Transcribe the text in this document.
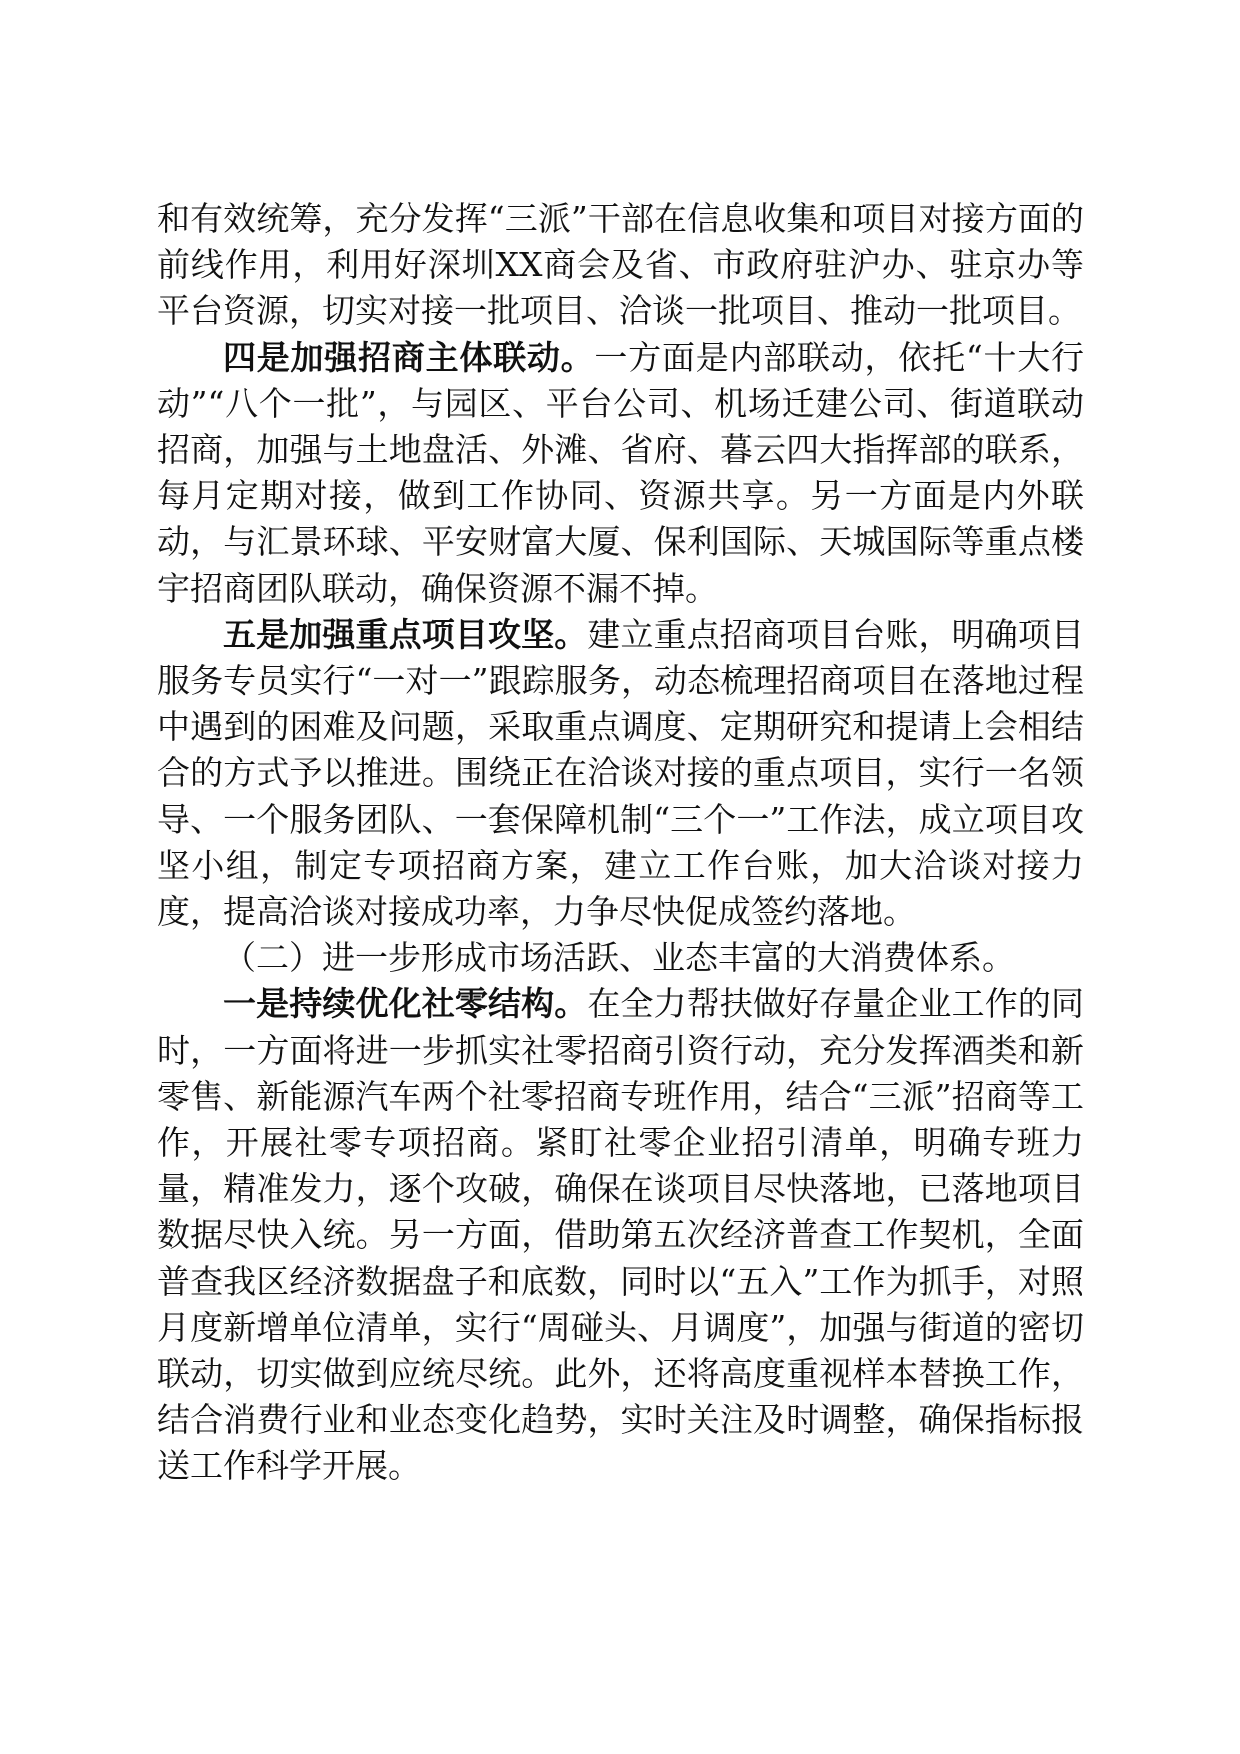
和有效统筹，充分发挥“三派”干部在信息收集和项目对接方面的前线作用，利用好深圳XX商会及省、市政府驻沪办、驻京办等平台资源，切实对接一批项目、洽谈一批项目、推动一批项目。

四是加强招商主体联动。一方面是内部联动，依托“十大行动”“八个一批”，与园区、平台公司、机场迁建公司、街道联动招商，加强与土地盘活、外滩、省府、暮云四大指挥部的联系，每月定期对接，做到工作协同、资源共享。另一方面是内外联动，与汇景环球、平安财富大厦、保利国际、天城国际等重点楼宇招商团队联动，确保资源不漏不掉。

五是加强重点项目攻坚。建立重点招商项目台账，明确项目服务专员实行“一对一”跟踪服务，动态梳理招商项目在落地过程中遇到的困难及问题，采取重点调度、定期研究和提请上会相结合的方式予以推进。围绕正在洽谈对接的重点项目，实行一名领导、一个服务团队、一套保障机制“三个一”工作法，成立项目攻坚小组，制定专项招商方案，建立工作台账，加大洽谈对接力度，提高洽谈对接成功率，力争尽快促成签约落地。

（二）进一步形成市场活跃、业态丰富的大消费体系。

一是持续优化社零结构。在全力帮扶做好存量企业工作的同时，一方面将进一步抓实社零招商引资行动，充分发挥酒类和新零售、新能源汽车两个社零招商专班作用，结合“三派”招商等工作，开展社零专项招商。紧盯社零企业招引清单，明确专班力量，精准发力，逐个攻破，确保在谈项目尽快落地，已落地项目数据尽快入统。另一方面，借助第五次经济普查工作契机，全面普查我区经济数据盘子和底数，同时以“五入”工作为抓手，对照月度新增单位清单，实行“周碰头、月调度”，加强与街道的密切联动，切实做到应统尽统。此外，还将高度重视样本替换工作，结合消费行业和业态变化趋势，实时关注及时调整，确保指标报送工作科学开展。
